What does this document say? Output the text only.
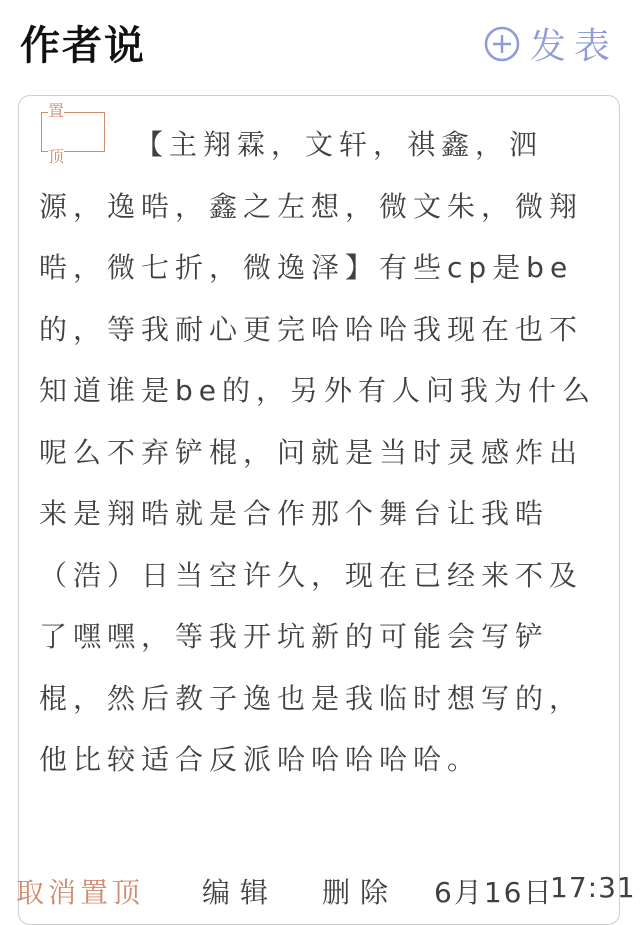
作者说	发表
置
顶	【主翔霖，文轩，祺鑫，泗源，逸晧，鑫之左想，微文朱，微翔晧，微七折，微逸泽】有些cp是be的，等我耐心更完哈哈哈我现在也不知道谁是be的，另外有人问我为什么呢么不弃铲棍，问就是当时灵感炸出来是翔晧就是合作那个舞台让我晧（浩）日当空许久，现在已经来不及了嘿嘿，等我开坑新的可能会写铲棍，然后教子逸也是我临时想写的，他比较适合反派哈哈哈哈哈。

取消置顶 编辑 删除 6月16日
17:31
